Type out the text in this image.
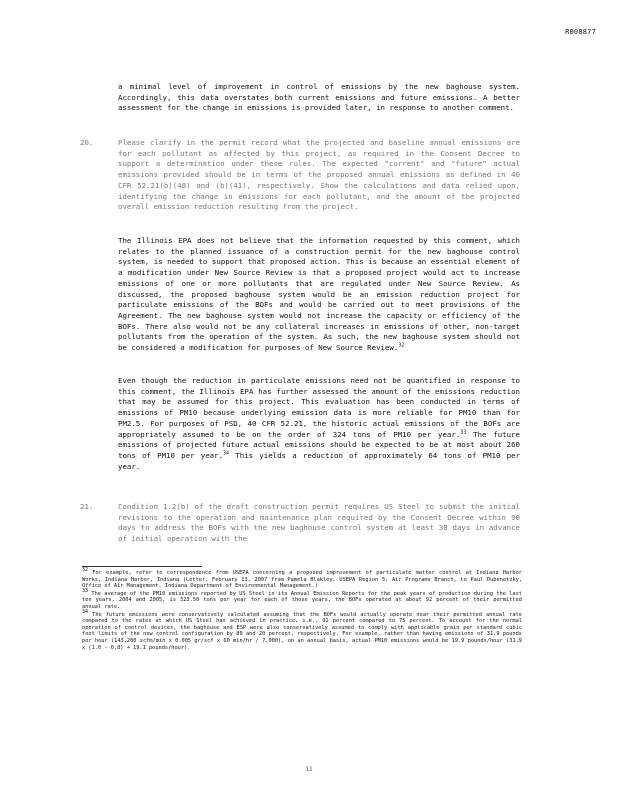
R008877

a minimal level of improvement in control of emissions by the new baghouse system. Accordingly, this data overstates both current emissions and future emissions. A better assessment for the change in emissions is provided later, in response to another comment.

20.	Please clarify in the permit record what the projected and baseline annual emissions are for each pollutant as affected by this project, as required in the Consent Decree to support a determination under these rules. The expected "current" and "future" actual emissions provided should be in terms of the proposed annual emissions as defined in 40 CFR 52.21(b)(48) and (b)(41), respectively. Show the calculations and data relied upon, identifying the change in emissions for each pollutant, and the amount of the projected overall emission reduction resulting from the project.

The Illinois EPA does not believe that the information requested by this comment, which relates to the planned issuance of a construction permit for the new baghouse control system, is needed to support that proposed action. This is because an essential element of a modification under New Source Review is that a proposed project would act to increase emissions of one or more pollutants that are regulated under New Source Review. As discussed, the proposed baghouse system would be an emission reduction project for particulate emissions of the BOFs and would be carried out to meet provisions of the Agreement. The new baghouse system would not increase the capacity or efficiency of the BOFs. There also would not be any collateral increases in emissions of other, non-target pollutants from the operation of the system. As such, the new baghouse system should not be considered a modification for purposes of New Source Review.$^{32}$

Even though the reduction in particulate emissions need not be quantified in response to this comment, the Illinois EPA has further assessed the amount of the emissions reduction that may be assumed for this project. This evaluation has been conducted in terms of emissions of PM10 because underlying emission data is more reliable for PM10 than for PM2.5. For purposes of PSD, 40 CFR 52.21, the historic actual emissions of the BOFs are appropriately assumed to be on the order of 324 tons of PM10 per year.$^{33}$ The future emissions of projected future actual emissions should be expected to be at most about 260 tons of PM10 per year.$^{34}$ This yields a reduction of approximately 64 tons of PM10 per year.

21.	Condition 1.2(b) of the draft construction permit requires US Steel to submit the initial revisions to the operation and maintenance plan required by the Consent Decree within 90 days to address the BOFs with the new baghouse control system at least 30 days in advance of initial operation with the

$^{32}$ For example, refer to correspondence from USEPA concerning a proposed improvement of particulate matter control at Indiana Harbor Works, Indiana Harbor, Indiana (Letter, February 13, 2007 from Pamela Blakley, USEPA Region 5, Air Programs Branch, to Paul Dubenetzky, Office of Air Management, Indiana Department of Environmental Management.)

$^{33}$ The average of the PM10 emissions reported by US Steel in its Annual Emission Reports for the peak years of production during the last ten years, 2004 and 2005, is 323.50 tons per year for each of those years, the BOFs operated at about 92 percent of their permitted annual rate.

$^{34}$ The future emissions were conservatively calculated assuming that the BOFs would actually operate near their permitted annual rate compared to the rates at which US Steel has achieved in practice, i.e., 92 percent compared to 75 percent. To account for the normal operation of control devices, the baghouse and ESP were also conservatively assumed to comply with applicable grain per standard cubic foot limits of the new control configuration by 80 and 20 percent, respectively. For example, rather than having emissions of 31.9 pounds per hour (143,200 scfm/min x 0.005 gr/scf x 60 min/hr / 7,000), on an annual basis, actual PM10 emissions would be 19.9 pounds/hour (31.9 x (1.0 - 0.8) + 19.1 pounds/hour).

11
